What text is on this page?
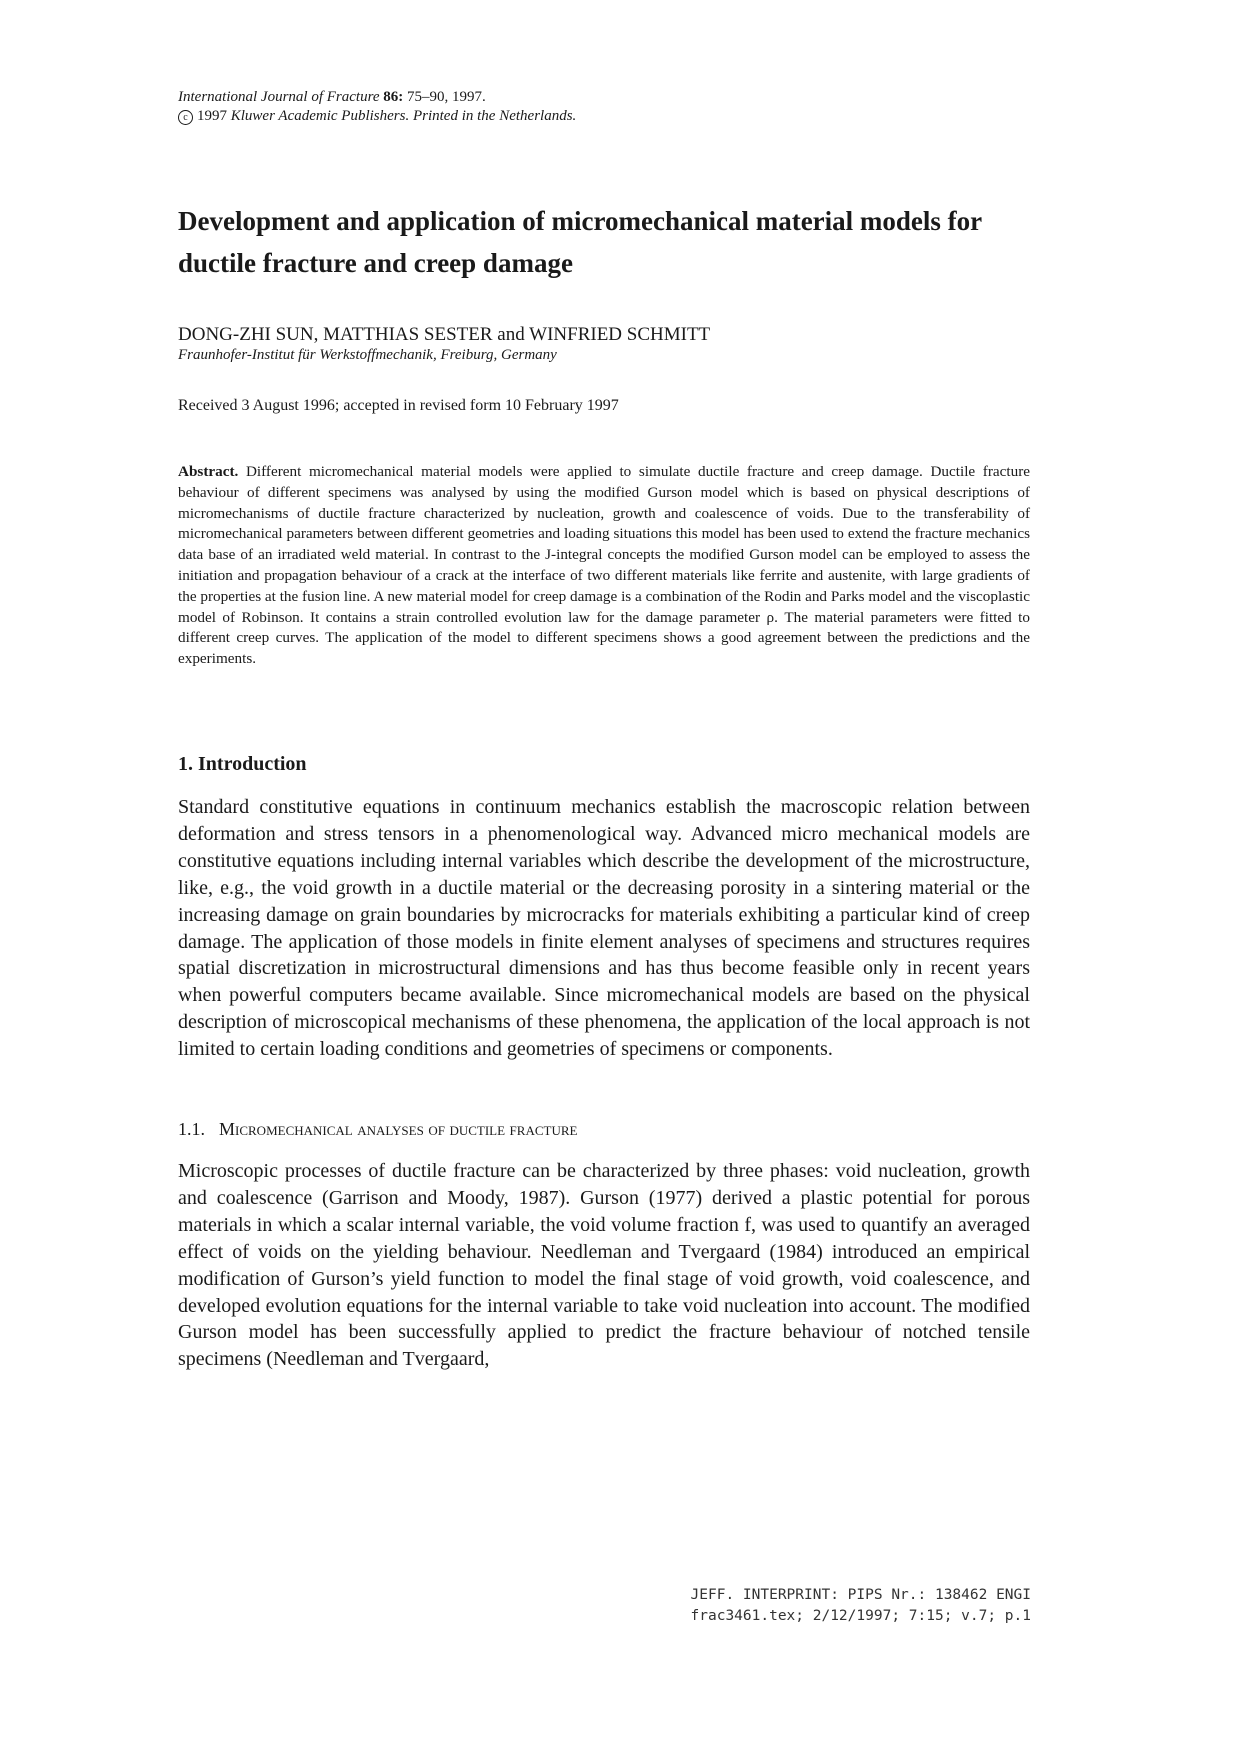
International Journal of Fracture 86: 75–90, 1997.
c 1997 Kluwer Academic Publishers. Printed in the Netherlands.
Development and application of micromechanical material models for ductile fracture and creep damage
DONG-ZHI SUN, MATTHIAS SESTER and WINFRIED SCHMITT
Fraunhofer-Institut für Werkstoffmechanik, Freiburg, Germany
Received 3 August 1996; accepted in revised form 10 February 1997
Abstract. Different micromechanical material models were applied to simulate ductile fracture and creep damage. Ductile fracture behaviour of different specimens was analysed by using the modified Gurson model which is based on physical descriptions of micromechanisms of ductile fracture characterized by nucleation, growth and coalescence of voids. Due to the transferability of micromechanical parameters between different geometries and loading situations this model has been used to extend the fracture mechanics data base of an irradiated weld material. In contrast to the J-integral concepts the modified Gurson model can be employed to assess the initiation and propagation behaviour of a crack at the interface of two different materials like ferrite and austenite, with large gradients of the properties at the fusion line. A new material model for creep damage is a combination of the Rodin and Parks model and the viscoplastic model of Robinson. It contains a strain controlled evolution law for the damage parameter ρ. The material parameters were fitted to different creep curves. The application of the model to different specimens shows a good agreement between the predictions and the experiments.
1. Introduction
Standard constitutive equations in continuum mechanics establish the macroscopic relation between deformation and stress tensors in a phenomenological way. Advanced micro mechanical models are constitutive equations including internal variables which describe the development of the microstructure, like, e.g., the void growth in a ductile material or the decreasing porosity in a sintering material or the increasing damage on grain boundaries by microcracks for materials exhibiting a particular kind of creep damage. The application of those models in finite element analyses of specimens and structures requires spatial discretization in microstructural dimensions and has thus become feasible only in recent years when powerful computers became available. Since micromechanical models are based on the physical description of microscopical mechanisms of these phenomena, the application of the local approach is not limited to certain loading conditions and geometries of specimens or components.
1.1. Micromechanical analyses of ductile fracture
Microscopic processes of ductile fracture can be characterized by three phases: void nucleation, growth and coalescence (Garrison and Moody, 1987). Gurson (1977) derived a plastic potential for porous materials in which a scalar internal variable, the void volume fraction f, was used to quantify an averaged effect of voids on the yielding behaviour. Needleman and Tvergaard (1984) introduced an empirical modification of Gurson’s yield function to model the final stage of void growth, void coalescence, and developed evolution equations for the internal variable to take void nucleation into account. The modified Gurson model has been successfully applied to predict the fracture behaviour of notched tensile specimens (Needleman and Tvergaard,
JEFF. INTERPRINT: PIPS Nr.: 138462 ENGI
frac3461.tex; 2/12/1997; 7:15; v.7; p.1
